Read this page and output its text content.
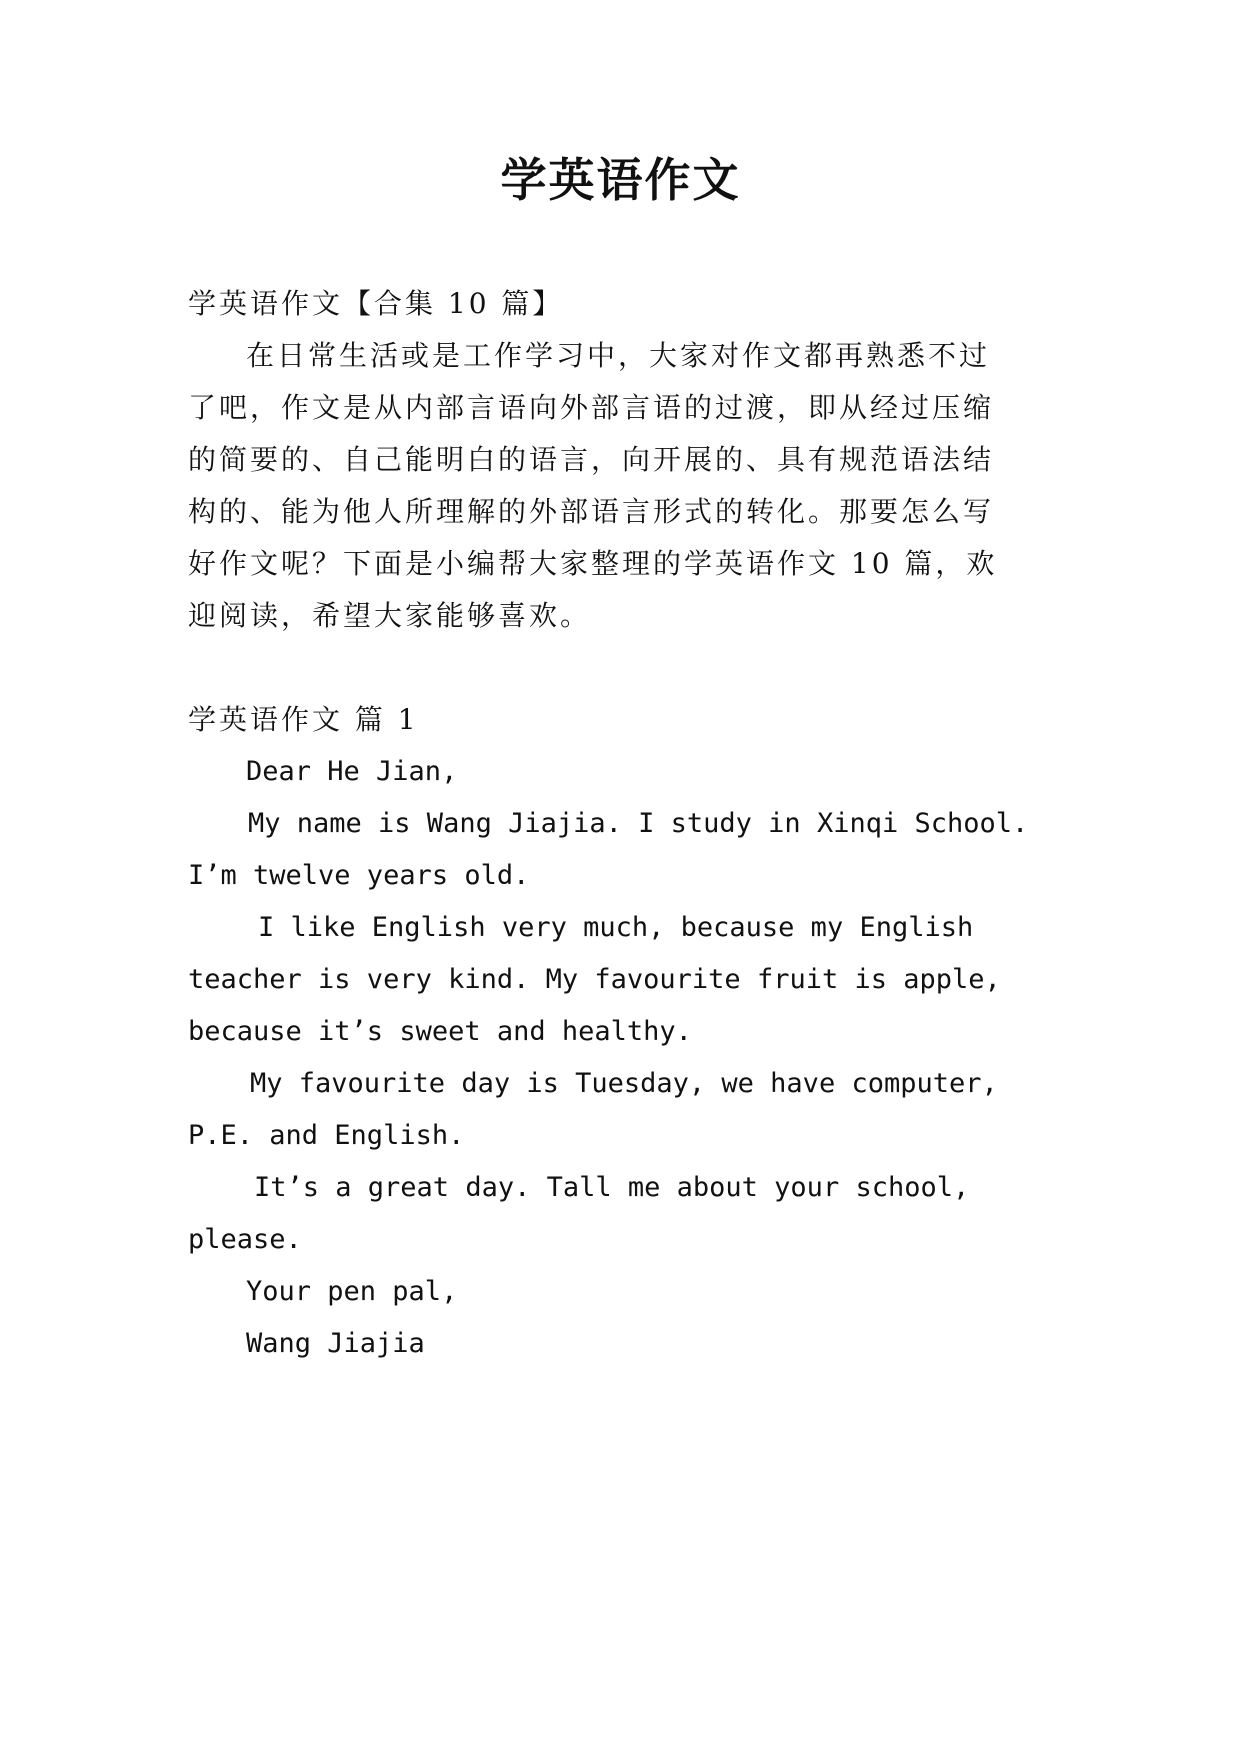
学英语作文
学英语作文【合集 10 篇】
在日常生活或是工作学习中，大家对作文都再熟悉不过
了吧，作文是从内部言语向外部言语的过渡，即从经过压缩
的简要的、自己能明白的语言，向开展的、具有规范语法结
构的、能为他人所理解的外部语言形式的转化。那要怎么写
好作文呢？下面是小编帮大家整理的学英语作文 10 篇，欢
迎阅读，希望大家能够喜欢。
学英语作文 篇 1
Dear He Jian,
My name is Wang Jiajia. I study in Xinqi School.
I’m twelve years old.
I like English very much, because my English
teacher is very kind. My favourite fruit is apple,
because it’s sweet and healthy.
My favourite day is Tuesday, we have computer,
P.E. and English.
It’s a great day. Tall me about your school,
please.
Your pen pal,
Wang Jiajia
